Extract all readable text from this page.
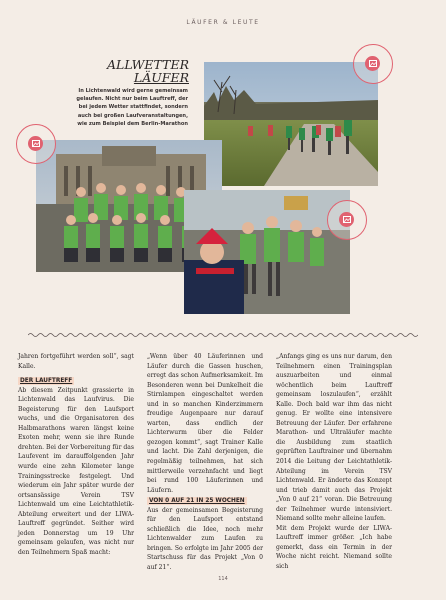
LÄUFER & LEUTE
ALLWETTER
LÄUFER
In Lichtenwald wird gerne gemeinsam gelaufen. Nicht nur beim Lauftreff, der bei jedem Wetter stattfindet, sondern auch bei großen Laufveranstaltungen, wie zum Beispiel dem Berlin-Marathon

Jahren fortgeführt werden soll“, sagt Kalle.

DER LAUFTREFF

Ab diesem Zeitpunkt grassierte in Lichtenwald das Laufvirus. Die Begeisterung für den Laufsport wuchs, und die Organisatoren des Halbmarathons waren längst keine Exoten mehr, wenn sie ihre Runde drehten. Bei der Vorbereitung für das Laufevent im darauffolgenden Jahr wurde eine zehn Kilometer lange Trainingsstrecke festgelegt. Und wiederum ein Jahr später wurde der ortsansässige Verein TSV Lichtenwald um eine Leichtathletik-Abteilung erweitert und der LIWA-Lauftreff gegründet. Seither wird jeden Donnerstag um 19 Uhr gemeinsam gelaufen, was nicht nur den Teilnehmern Spaß macht:

„Wenn über 40 Läuferinnen und Läufer durch die Gassen huschen, erregt das schon Aufmerksamkeit. Im Besonderen wenn bei Dunkelheit die Stirnlampen eingeschaltet werden und in so manchen Kinderzimmern freudige Augenpaare nur darauf warten, dass endlich der Lichterwurm über die Felder gezogen kommt“, sagt Trainer Kalle und lacht. Die Zahl derjenigen, die regelmäßig teilnehmen, hat sich mittlerweile verzehnfacht und liegt bei rund 100 Läuferinnen und Läufern.

VON 0 AUF 21 IN 25 WOCHEN

Aus der gemeinsamen Begeisterung für den Laufsport entstand schließlich die Idee, noch mehr Lichtenwalder zum Laufen zu bringen. So erfolgte im Jahr 2005 der Startschuss für das Projekt „Von 0 auf 21“.

„Anfangs ging es uns nur darum, den Teilnehmern einen Trainingsplan auszuarbeiten und einmal wöchentlich beim Lauftreff gemeinsam loszulaufen“, erzählt Kalle. Doch bald war ihm das nicht genug. Er wollte eine intensivere Betreuung der Läufer. Der erfahrene Marathon- und Ultraläufer machte die Ausbildung zum staatlich geprüften Lauftrainer und übernahm 2014 die Leitung der Leichtathletik-Abteilung im Verein TSV Lichtenwald. Er änderte das Konzept und trieb damit auch das Projekt „Von 0 auf 21“ voran. Die Betreuung der Teilnehmer wurde intensiviert. Niemand sollte mehr alleine laufen.

Mit dem Projekt wurde der LIWA-Lauftreff immer größer. „Ich habe gemerkt, dass ein Termin in der Woche nicht reicht. Niemand sollte sich

114
